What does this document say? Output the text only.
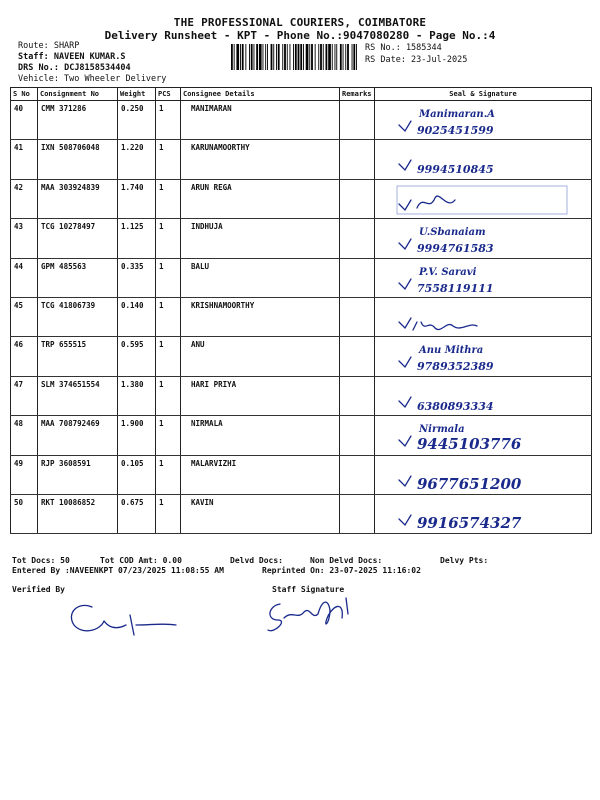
THE PROFESSIONAL COURIERS, COIMBATORE
Delivery Runsheet - KPT - Phone No.:9047080280 - Page No.:4
Route: SHARP
Staff: NAVEEN KUMAR.S
DRS No.: DCJ8158534404
Vehicle: Two Wheeler Delivery
RS No.: 1585344
RS Date: 23-Jul-2025
S No	Consignment No	Weight	PCS	Consignee Details	Remarks	Seal & Signature
40	CMM 371286	0.250	1	MANIMARAN		Manimaran.A
9025451599

41	IXN 508706048	1.220	1	KARUNAMOORTHY		9994510845

42	MAA 303924839	1.740	1	ARUN REGA		

43	TCG 10278497	1.125	1	INDHUJA		U.Sbanaiam
9994761583

44	GPM 485563	0.335	1	BALU		P.V. Saravi
7558119111

45	TCG 41806739	0.140	1	KRISHNAMOORTHY		

46	TRP 655515	0.595	1	ANU		Anu Mithra
9789352389

47	SLM 374651554	1.380	1	HARI PRIYA		6380893334

48	MAA 708792469	1.900	1	NIRMALA		Nirmala
9445103776

49	RJP 3608591	0.105	1	MALARVIZHI		9677651200

50	RKT 10086852	0.675	1	KAVIN		9916574327
Tot Docs: 50	Tot COD Amt: 0.00	Delvd Docs:	Non Delvd Docs:	Delvy Pts:
Entered By :NAVEENKPT 07/23/2025 11:08:55 AM	Reprinted On: 23-07-2025 11:16:02
Verified By	Staff Signature
